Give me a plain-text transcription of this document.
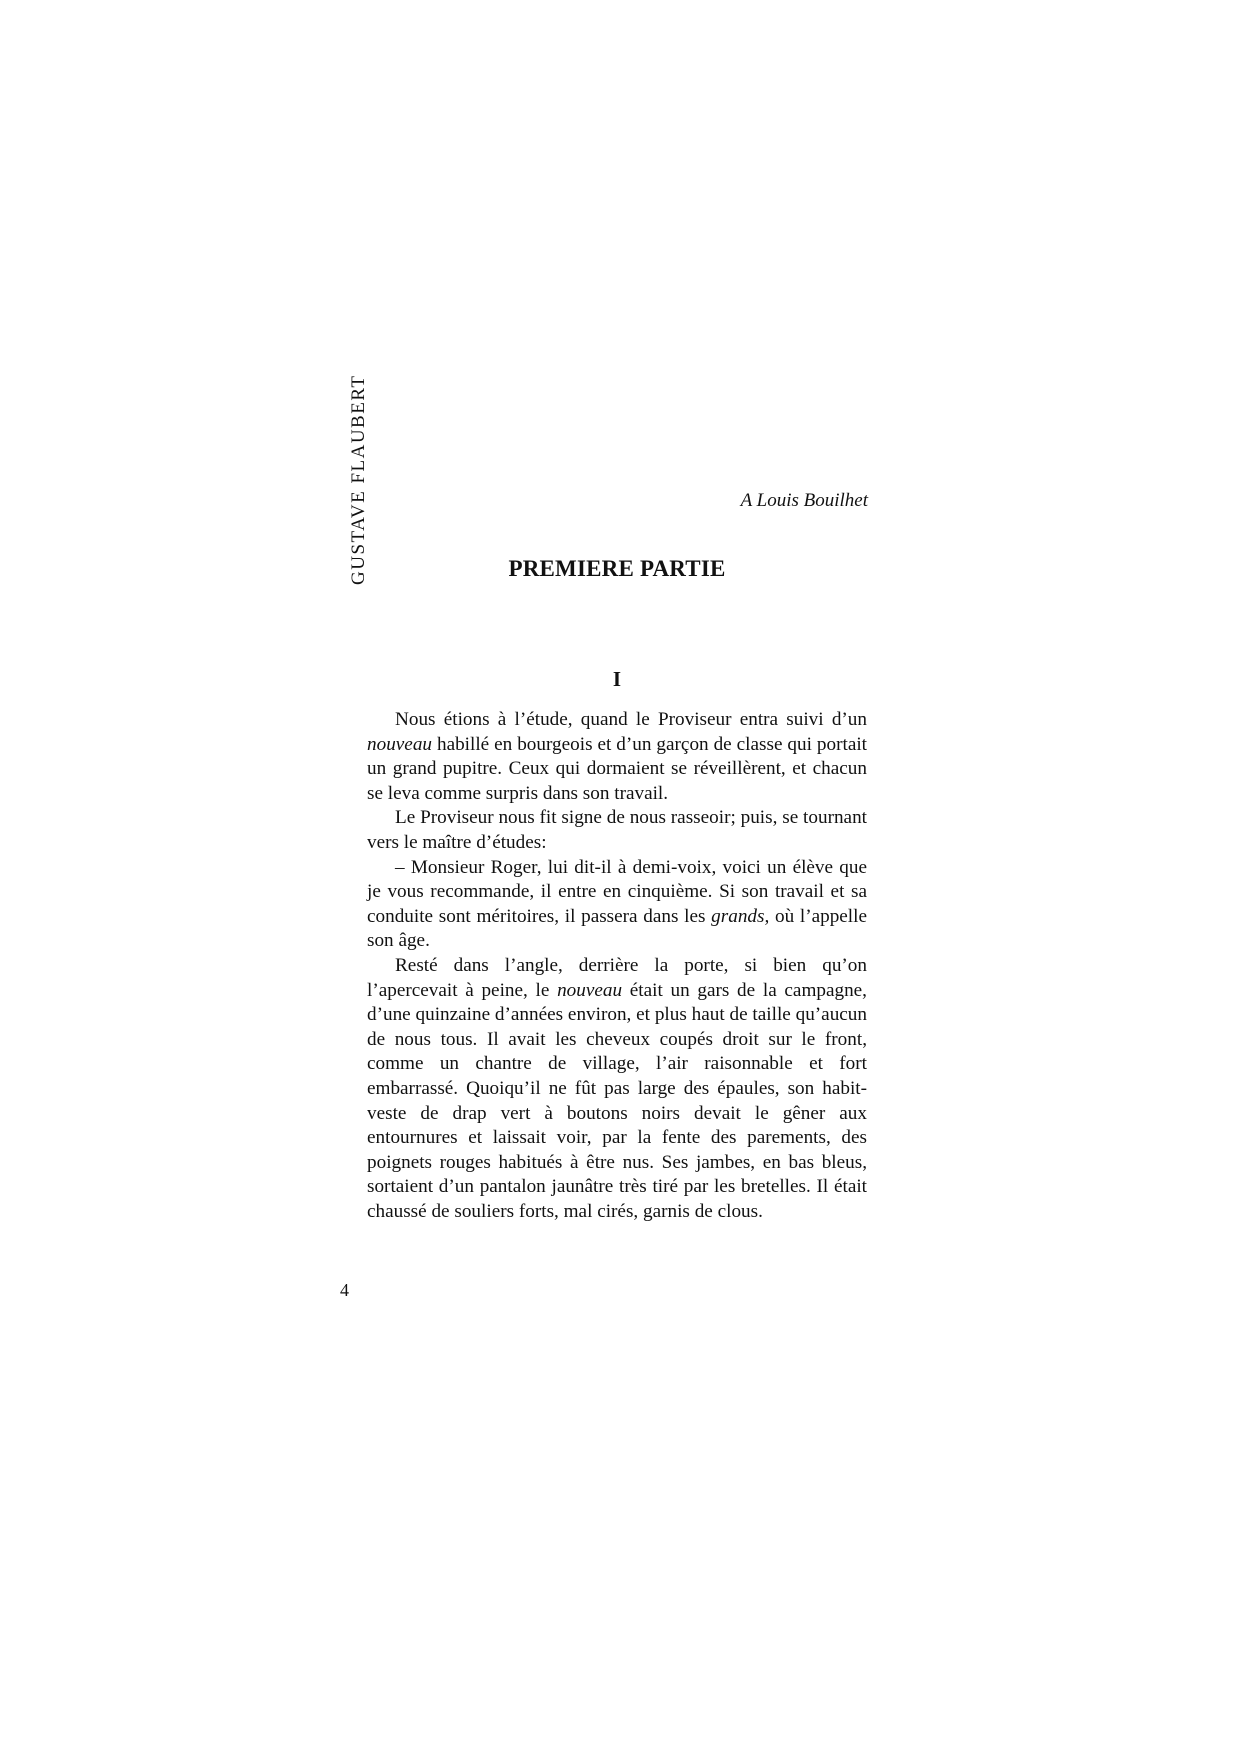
GUSTAVE FLAUBERT	A Louis Bouilhet
PREMIERE PARTIE
I

Nous étions à l’étude, quand le Proviseur entra suivi d’un nouveau habillé en bourgeois et d’un garçon de classe qui portait un grand pupitre. Ceux qui dormaient se réveillèrent, et chacun se leva comme surpris dans son travail.

Le Proviseur nous fit signe de nous rasseoir; puis, se tournant vers le maître d’études:

– Monsieur Roger, lui dit-il à demi-voix, voici un élève que je vous recommande, il entre en cinquième. Si son travail et sa conduite sont méritoires, il passera dans les grands, où l’appelle son âge.

Resté dans l’angle, derrière la porte, si bien qu’on l’apercevait à peine, le nouveau était un gars de la campagne, d’une quinzaine d’années environ, et plus haut de taille qu’aucun de nous tous. Il avait les cheveux coupés droit sur le front, comme un chantre de village, l’air raisonnable et fort embarrassé. Quoiqu’il ne fût pas large des épaules, son habit-veste de drap vert à boutons noirs devait le gêner aux entournures et laissait voir, par la fente des parements, des poignets rouges habitués à être nus. Ses jambes, en bas bleus, sortaient d’un pantalon jaunâtre très tiré par les bretelles. Il était chaussé de souliers forts, mal cirés, garnis de clous.

4
